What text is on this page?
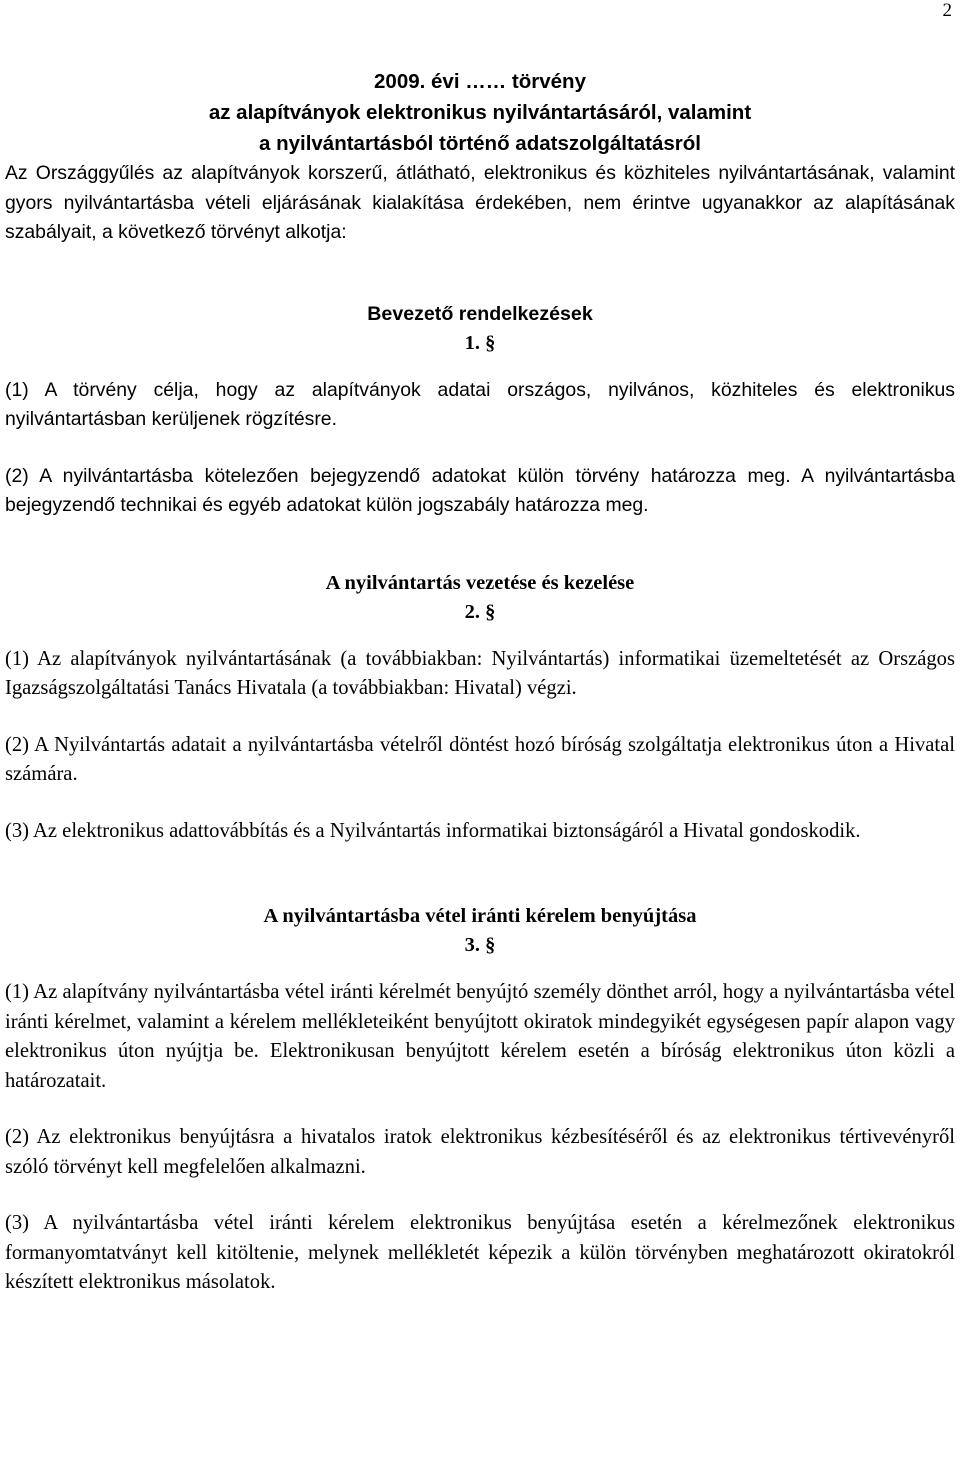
2
2009. évi …… törvény
az alapítványok elektronikus nyilvántartásáról, valamint
a nyilvántartásból történő adatszolgáltatásról

Az Országgyűlés az alapítványok korszerű, átlátható, elektronikus és közhiteles nyilvántartásának, valamint gyors nyilvántartásba vételi eljárásának kialakítása érdekében, nem érintve ugyanakkor az alapításának szabályait, a következő törvényt alkotja:

Bevezető rendelkezések
1. §

(1) A törvény célja, hogy az alapítványok adatai országos, nyilvános, közhiteles és elektronikus nyilvántartásban kerüljenek rögzítésre.

(2) A nyilvántartásba kötelezően bejegyzendő adatokat külön törvény határozza meg. A nyilvántartásba bejegyzendő technikai és egyéb adatokat külön jogszabály határozza meg.

A nyilvántartás vezetése és kezelése
2. §

(1) Az alapítványok nyilvántartásának (a továbbiakban: Nyilvántartás) informatikai üzemeltetését az Országos Igazságszolgáltatási Tanács Hivatala (a továbbiakban: Hivatal) végzi.

(2) A Nyilvántartás adatait a nyilvántartásba vételről döntést hozó bíróság szolgáltatja elektronikus úton a Hivatal számára.

(3) Az elektronikus adattovábbítás és a Nyilvántartás informatikai biztonságáról a Hivatal gondoskodik.

A nyilvántartásba vétel iránti kérelem benyújtása
3. §

(1) Az alapítvány nyilvántartásba vétel iránti kérelmét benyújtó személy dönthet arról, hogy a nyilvántartásba vétel iránti kérelmet, valamint a kérelem mellékleteiként benyújtott okiratok mindegyikét egységesen papír alapon vagy elektronikus úton nyújtja be. Elektronikusan benyújtott kérelem esetén a bíróság elektronikus úton közli a határozatait.

(2) Az elektronikus benyújtásra a hivatalos iratok elektronikus kézbesítéséről és az elektronikus tértivevényről szóló törvényt kell megfelelően alkalmazni.

(3) A nyilvántartásba vétel iránti kérelem elektronikus benyújtása esetén a kérelmezőnek elektronikus formanyomtatványt kell kitöltenie, melynek mellékletét képezik a külön törvényben meghatározott okiratokról készített elektronikus másolatok.
